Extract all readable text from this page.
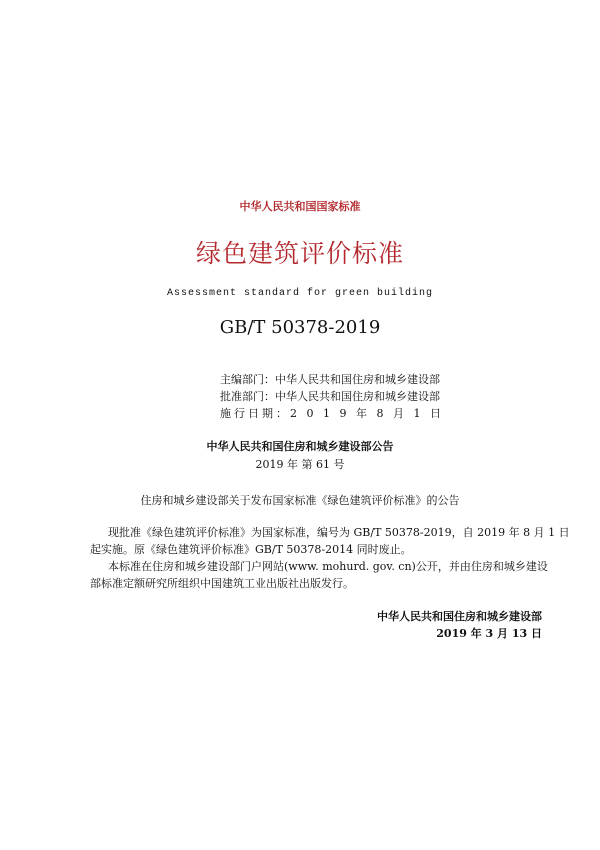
中华人民共和国国家标准
绿色建筑评价标准
Assessment standard for green building
GB/T 50378-2019
主编部门：中华人民共和国住房和城乡建设部
批准部门：中华人民共和国住房和城乡建设部
施行日期：2 0 1 9 年 8 月 1 日
中华人民共和国住房和城乡建设部公告
2019 年 第 61 号
住房和城乡建设部关于发布国家标准《绿色建筑评价标准》的公告
现批准《绿色建筑评价标准》为国家标准，编号为 GB/T 50378-2019，自 2019 年 8 月 1 日
起实施。原《绿色建筑评价标准》GB/T 50378-2014 同时废止。
本标准在住房和城乡建设部门户网站(www. mohurd. gov. cn)公开，并由住房和城乡建设
部标准定额研究所组织中国建筑工业出版社出版发行。
中华人民共和国住房和城乡建设部
2019 年 3 月 13 日
